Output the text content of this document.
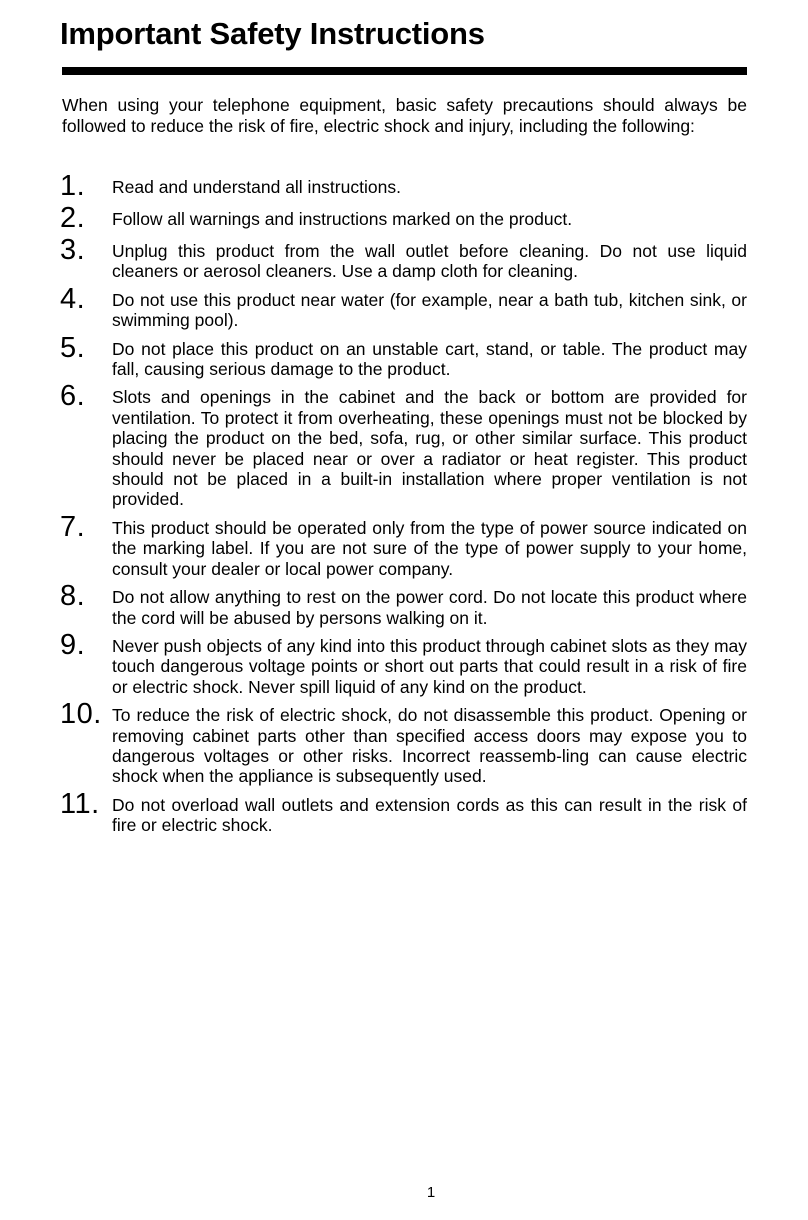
Important Safety Instructions

When using your telephone equipment, basic safety precautions should always be followed to reduce the risk of fire, electric shock and injury, including the following:

1.	Read and understand all instructions.

2.	Follow all warnings and instructions marked on the product.

3.	Unplug this product from the wall outlet before cleaning. Do not use liquid cleaners or aerosol cleaners. Use a damp cloth for cleaning.

4.	Do not use this product near water (for example, near a bath tub, kitchen sink, or swimming pool).

5.	Do not place this product on an unstable cart, stand, or table. The product may fall, causing serious damage to the product.

6.	Slots and openings in the cabinet and the back or bottom are provided for ventilation. To protect it from overheating, these openings must not be blocked by placing the product on the bed, sofa, rug, or other similar surface. This product should never be placed near or over a radiator or heat register. This product should not be placed in a built-in installation where proper ventilation is not provided.

7.	This product should be operated only from the type of power source indicated on the marking label. If you are not sure of the type of power supply to your home, consult your dealer or local power company.

8.	Do not allow anything to rest on the power cord. Do not locate this product where the cord will be abused by persons walking on it.

9.	Never push objects of any kind into this product through cabinet slots as they may touch dangerous voltage points or short out parts that could result in a risk of fire or electric shock. Never spill liquid of any kind on the product.

10. To reduce the risk of electric shock, do not disassemble this product. Opening or removing cabinet parts other than specified access doors may expose you to dangerous voltages or other risks. Incorrect reassemb-ling can cause electric shock when the appliance is subsequently used.

11. Do not overload wall outlets and extension cords as this can result in the risk of fire or electric shock.

1
